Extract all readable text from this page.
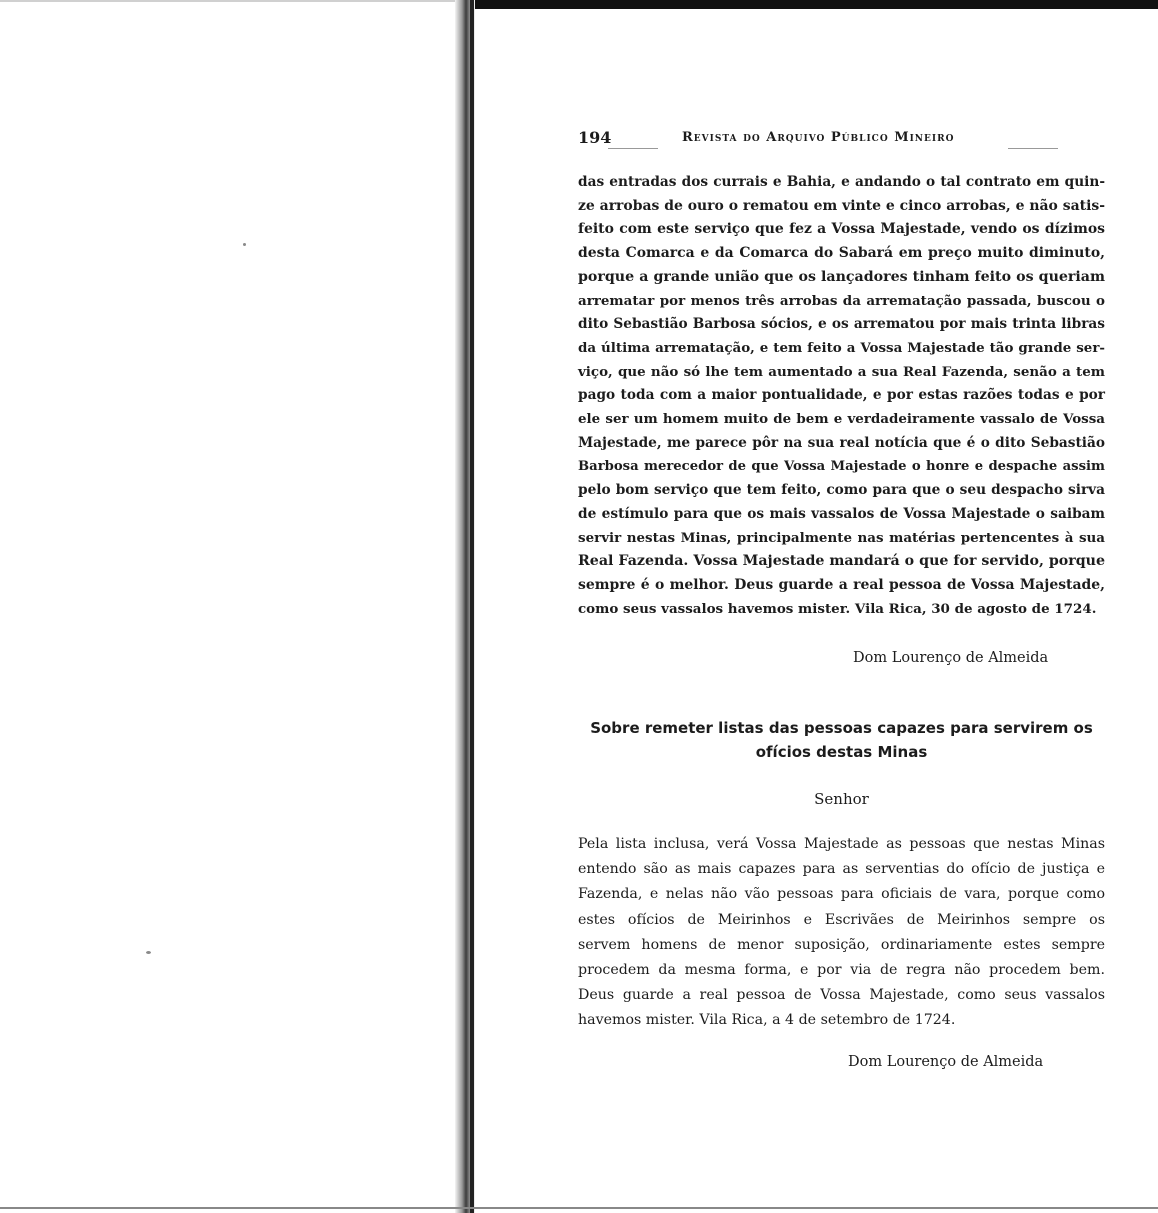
194	Revista do Arquivo Público Mineiro
das entradas dos currais e Bahia, e andando o tal contrato em quin-
ze arrobas de ouro o rematou em vinte e cinco arrobas, e não satis-
feito com este serviço que fez a Vossa Majestade, vendo os dízimos
desta Comarca e da Comarca do Sabará em preço muito diminuto,
porque a grande união que os lançadores tinham feito os queriam
arrematar por menos três arrobas da arrematação passada, buscou o
dito Sebastião Barbosa sócios, e os arrematou por mais trinta libras
da última arrematação, e tem feito a Vossa Majestade tão grande ser-
viço, que não só lhe tem aumentado a sua Real Fazenda, senão a tem
pago toda com a maior pontualidade, e por estas razões todas e por
ele ser um homem muito de bem e verdadeiramente vassalo de Vossa
Majestade, me parece pôr na sua real notícia que é o dito Sebastião
Barbosa merecedor de que Vossa Majestade o honre e despache assim
pelo bom serviço que tem feito, como para que o seu despacho sirva
de estímulo para que os mais vassalos de Vossa Majestade o saibam
servir nestas Minas, principalmente nas matérias pertencentes à sua
Real Fazenda. Vossa Majestade mandará o que for servido, porque
sempre é o melhor. Deus guarde a real pessoa de Vossa Majestade,
como seus vassalos havemos mister. Vila Rica, 30 de agosto de 1724.
Dom Lourenço de Almeida
Sobre remeter listas das pessoas capazes para servirem os
ofícios destas Minas
Senhor
Pela lista inclusa, verá Vossa Majestade as pessoas que nestas Minas
entendo são as mais capazes para as serventias do ofício de justiça e
Fazenda, e nelas não vão pessoas para oficiais de vara, porque como
estes ofícios de Meirinhos e Escrivães de Meirinhos sempre os
servem homens de menor suposição, ordinariamente estes sempre
procedem da mesma forma, e por via de regra não procedem bem.
Deus guarde a real pessoa de Vossa Majestade, como seus vassalos
havemos mister. Vila Rica, a 4 de setembro de 1724.
Dom Lourenço de Almeida
